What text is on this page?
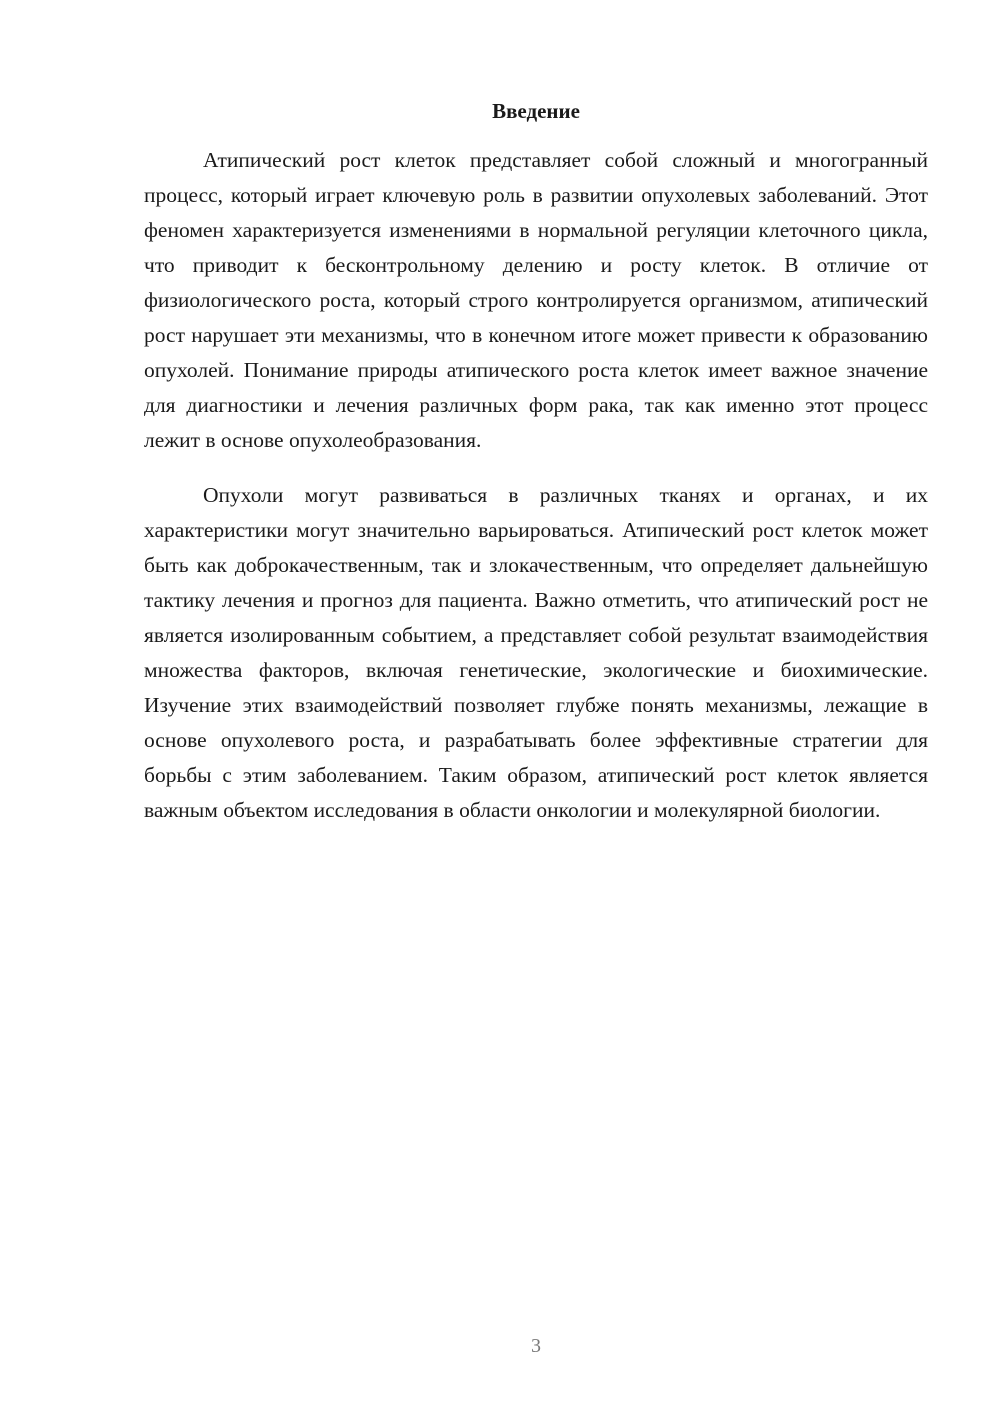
Введение

Атипический рост клеток представляет собой сложный и многогранный процесс, который играет ключевую роль в развитии опухолевых заболеваний. Этот феномен характеризуется изменениями в нормальной регуляции клеточного цикла, что приводит к бесконтрольному делению и росту клеток. В отличие от физиологического роста, который строго контролируется организмом, атипический рост нарушает эти механизмы, что в конечном итоге может привести к образованию опухолей. Понимание природы атипического роста клеток имеет важное значение для диагностики и лечения различных форм рака, так как именно этот процесс лежит в основе опухолеобразования.

Опухоли могут развиваться в различных тканях и органах, и их характеристики могут значительно варьироваться. Атипический рост клеток может быть как доброкачественным, так и злокачественным, что определяет дальнейшую тактику лечения и прогноз для пациента. Важно отметить, что атипический рост не является изолированным событием, а представляет собой результат взаимодействия множества факторов, включая генетические, экологические и биохимические. Изучение этих взаимодействий позволяет глубже понять механизмы, лежащие в основе опухолевого роста, и разрабатывать более эффективные стратегии для борьбы с этим заболеванием. Таким образом, атипический рост клеток является важным объектом исследования в области онкологии и молекулярной биологии.

3
